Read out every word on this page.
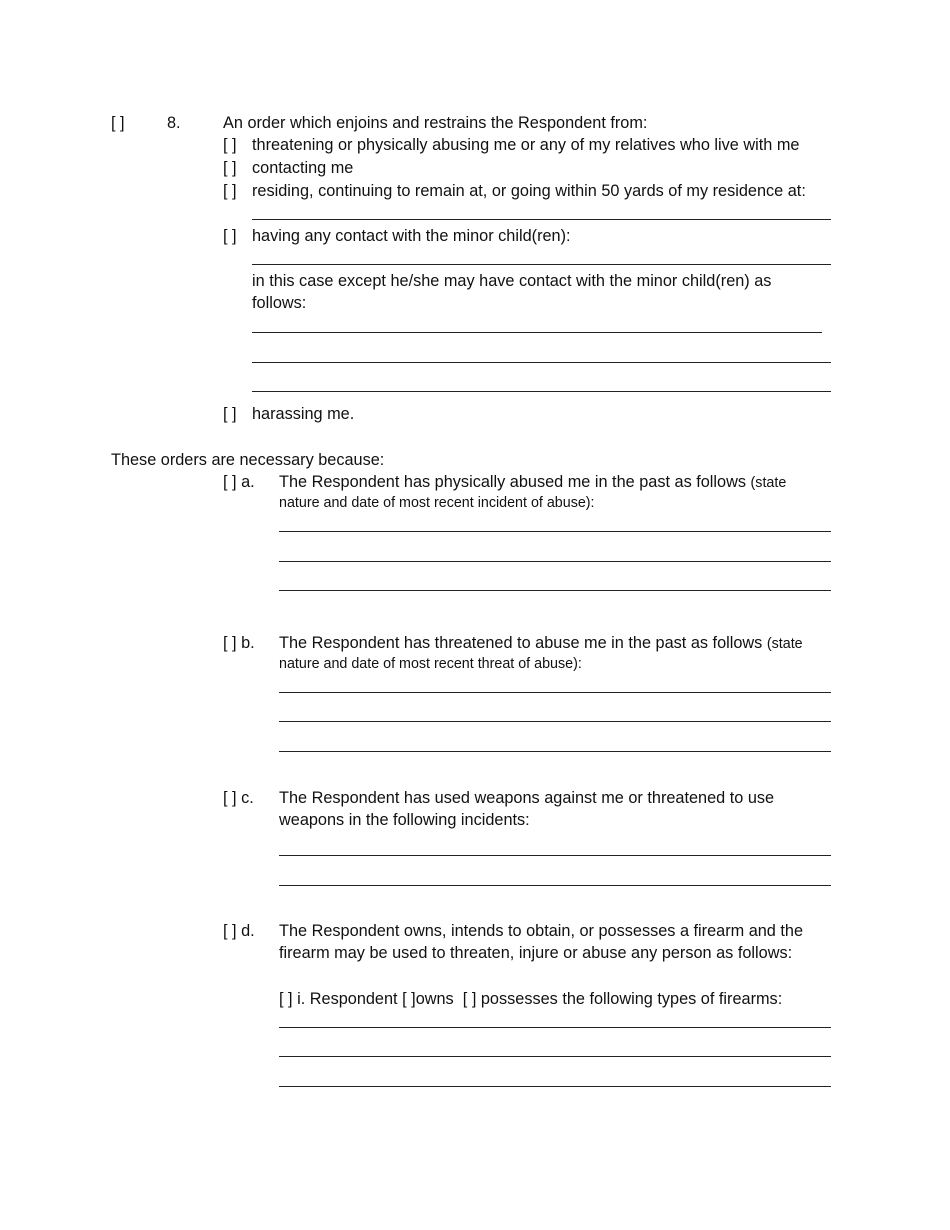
[ ]	8.	An order which enjoins and restrains the Respondent from:
[ ] threatening or physically abusing me or any of my relatives who live with me
[ ] contacting me
[ ] residing, continuing to remain at, or going within 50 yards of my residence at:
[ ] having any contact with the minor child(ren):
in this case except he/she may have contact with the minor child(ren) as
follows:
[ ] harassing me.
These orders are necessary because:
[ ] a. The Respondent has physically abused me in the past as follows (state
nature and date of most recent incident of abuse):
[ ] b. The Respondent has threatened to abuse me in the past as follows (state
nature and date of most recent threat of abuse):
[ ] c. The Respondent has used weapons against me or threatened to use
weapons in the following incidents:
[ ] d. The Respondent owns, intends to obtain, or possesses a firearm and the
firearm may be used to threaten, injure or abuse any person as follows:
[ ] i. Respondent [ ]owns [ ] possesses the following types of firearms:
